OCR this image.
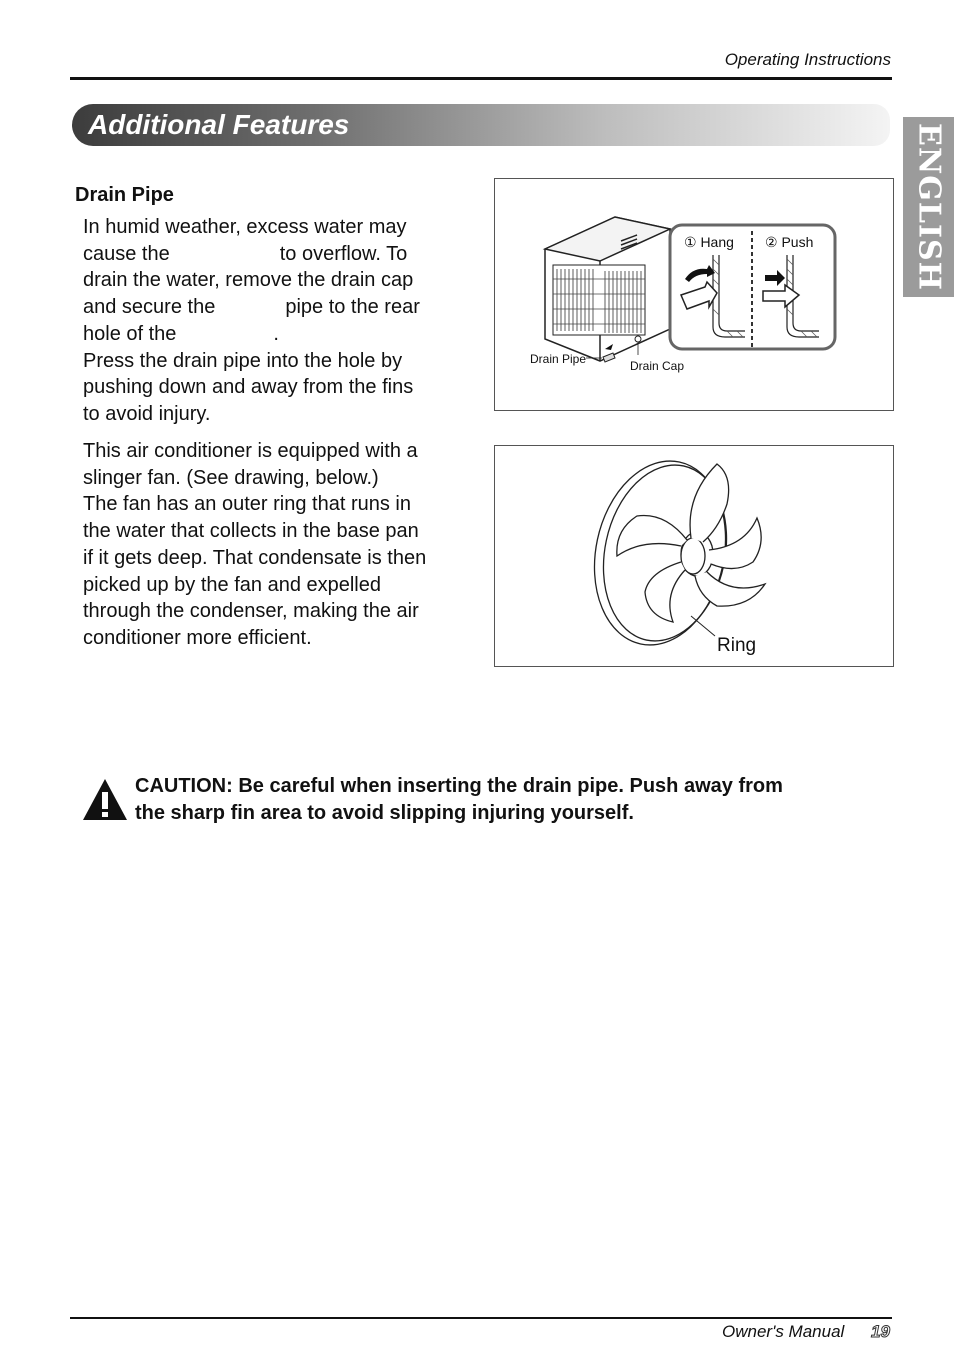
Operating Instructions
Additional Features	ENGLISH
Drain Pipe

In humid weather, excess water may

cause the	to overflow. To

drain the water, remove the drain cap

and secure the	pipe to the rear

hole of the	.

Press the drain pipe into the hole by

pushing down and away from the fins

to avoid injury.

① Hang ② Push
Drain Pipe	Drain Cap

This air conditioner is equipped with a

slinger fan. (See drawing, below.)

The fan has an outer ring that runs in

the water that collects in the base pan

if it gets deep. That condensate is then

picked up by the fan and expelled

through the condenser, making the air

conditioner more efficient.	Ring
CAUTION: Be careful when inserting the drain pipe. Push away from
the sharp fin area to avoid slipping injuring yourself.
Owner's Manual 19
